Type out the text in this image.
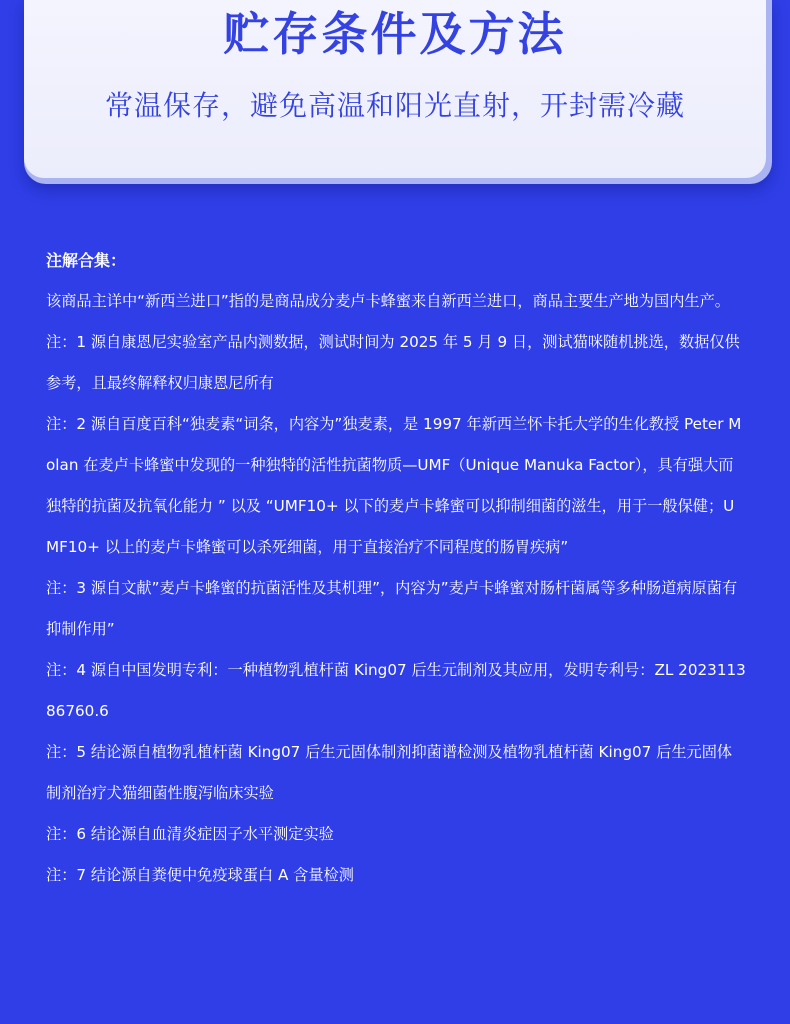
贮存条件及方法
常温保存，避免高温和阳光直射，开封需冷藏

注解合集：

该商品主详中“新西兰进口”指的是商品成分麦卢卡蜂蜜来自新西兰进口，商品主要生产地为国内生产。

注：1 源自康恩尼实验室产品内测数据，测试时间为 2025 年 5 月 9 日，测试猫咪随机挑选，数据仅供参考，且最终解释权归康恩尼所有

注：2 源自百度百科“独麦素“词条，内容为”独麦素，是 1997 年新西兰怀卡托大学的生化教授 Peter Molan 在麦卢卡蜂蜜中发现的一种独特的活性抗菌物质—UMF（Unique Manuka Factor），具有强大而独特的抗菌及抗氧化能力 ” 以及 “UMF10+ 以下的麦卢卡蜂蜜可以抑制细菌的滋生，用于一般保健；UMF10+ 以上的麦卢卡蜂蜜可以杀死细菌，用于直接治疗不同程度的肠胃疾病”

注：3 源自文献”麦卢卡蜂蜜的抗菌活性及其机理”，内容为”麦卢卡蜂蜜对肠杆菌属等多种肠道病原菌有抑制作用”

注：4 源自中国发明专利：一种植物乳植杆菌 King07 后生元制剂及其应用，发明专利号：ZL 202311386760.6

注：5 结论源自植物乳植杆菌 King07 后生元固体制剂抑菌谱检测及植物乳植杆菌 King07 后生元固体制剂治疗犬猫细菌性腹泻临床实验

注：6 结论源自血清炎症因子水平测定实验

注：7 结论源自粪便中免疫球蛋白 A 含量检测
